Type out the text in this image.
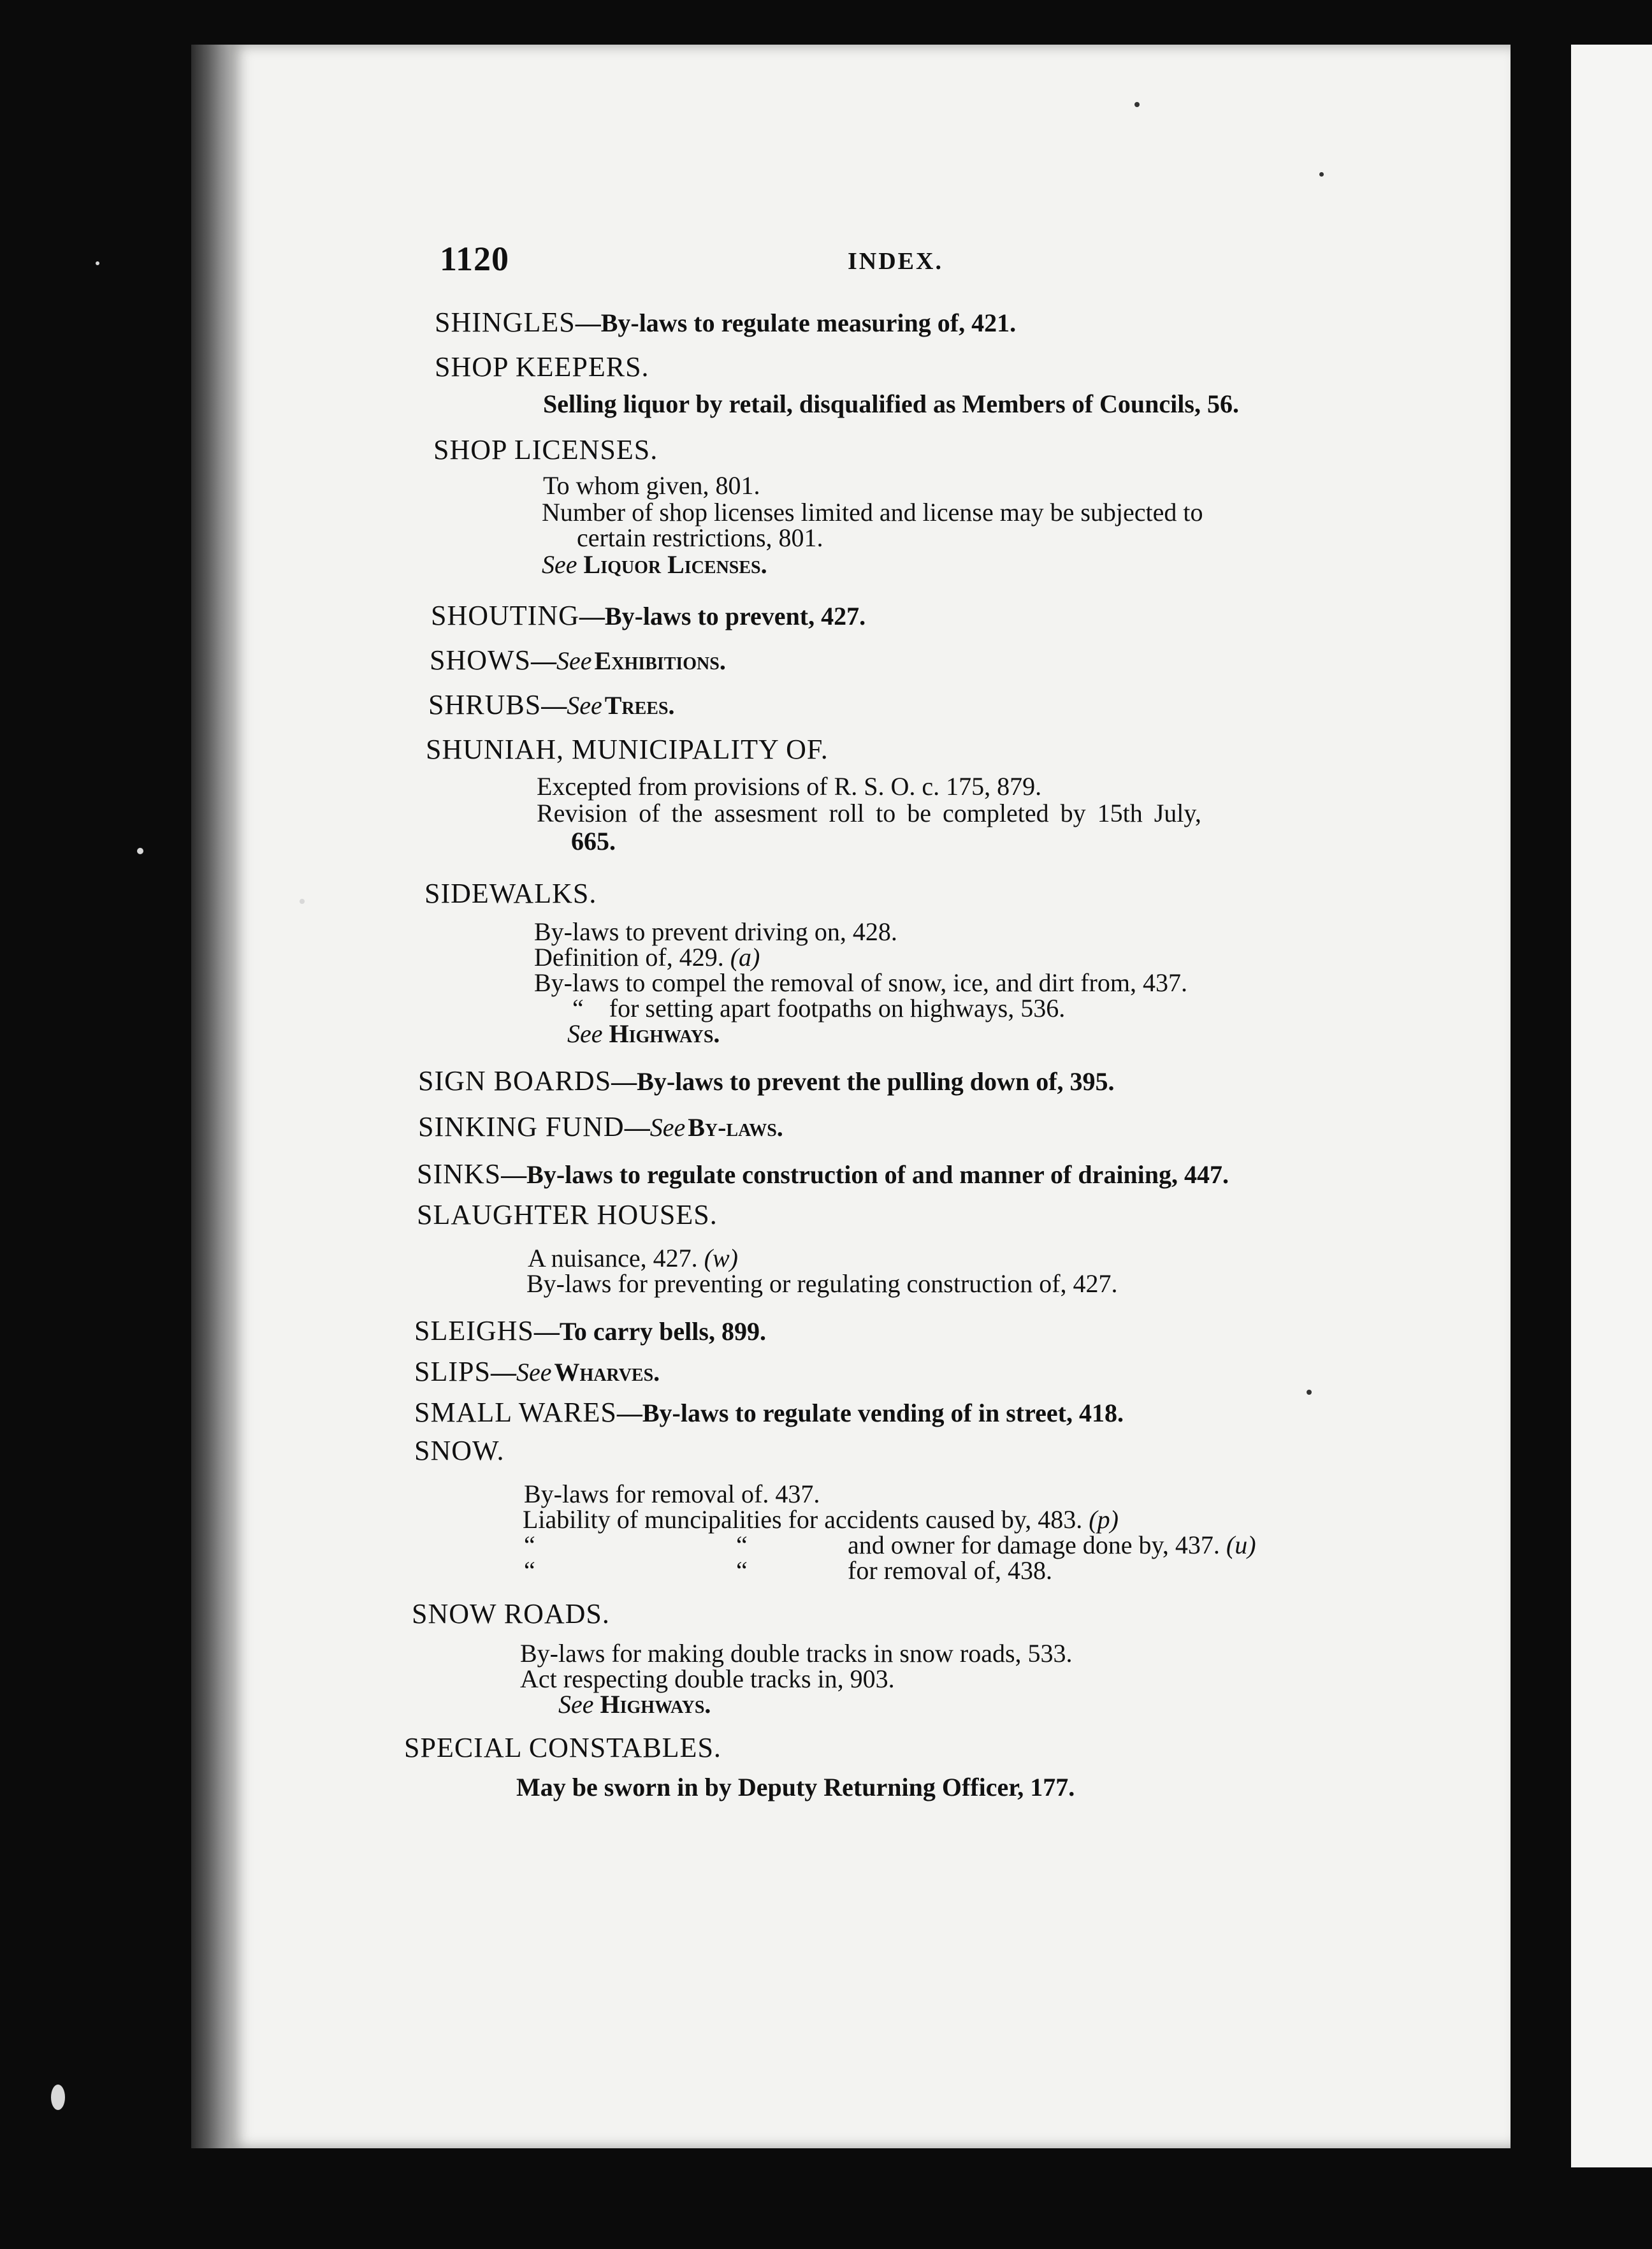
1120	INDEX.
SHINGLES—By-laws to regulate measuring of, 421.
SHOP KEEPERS.
Selling liquor by retail, disqualified as Members of Councils, 56.
SHOP LICENSES.
To whom given, 801.
Number of shop licenses limited and license may be subjected to
certain restrictions, 801.
See Liquor Licenses.
SHOUTING—By-laws to prevent, 427.
SHOWS—See Exhibitions.
SHRUBS—See Trees.
SHUNIAH, MUNICIPALITY OF.
Excepted from provisions of R. S. O. c. 175, 879.
Revision of the assesment roll to be completed by 15th July,
665.
SIDEWALKS.
By-laws to prevent driving on, 428.
Definition of, 429. (a)
By-laws to compel the removal of snow, ice, and dirt from, 437.
“ for setting apart footpaths on highways, 536.
See Highways.
SIGN BOARDS—By-laws to prevent the pulling down of, 395.
SINKING FUND—See By-laws.
SINKS—By-laws to regulate construction of and manner of draining, 447.
SLAUGHTER HOUSES.
A nuisance, 427. (w)
By-laws for preventing or regulating construction of, 427.
SLEIGHS—To carry bells, 899.
SLIPS—See Wharves.
SMALL WARES—By-laws to regulate vending of in street, 418.
SNOW.
By-laws for removal of. 437.
Liability of muncipalities for accidents caused by, 483. (p)
“	“	and owner for damage done by, 437. (u)
“	“	for removal of, 438.
SNOW ROADS.
By-laws for making double tracks in snow roads, 533.
Act respecting double tracks in, 903.
See Highways.
SPECIAL CONSTABLES.
May be sworn in by Deputy Returning Officer, 177.
